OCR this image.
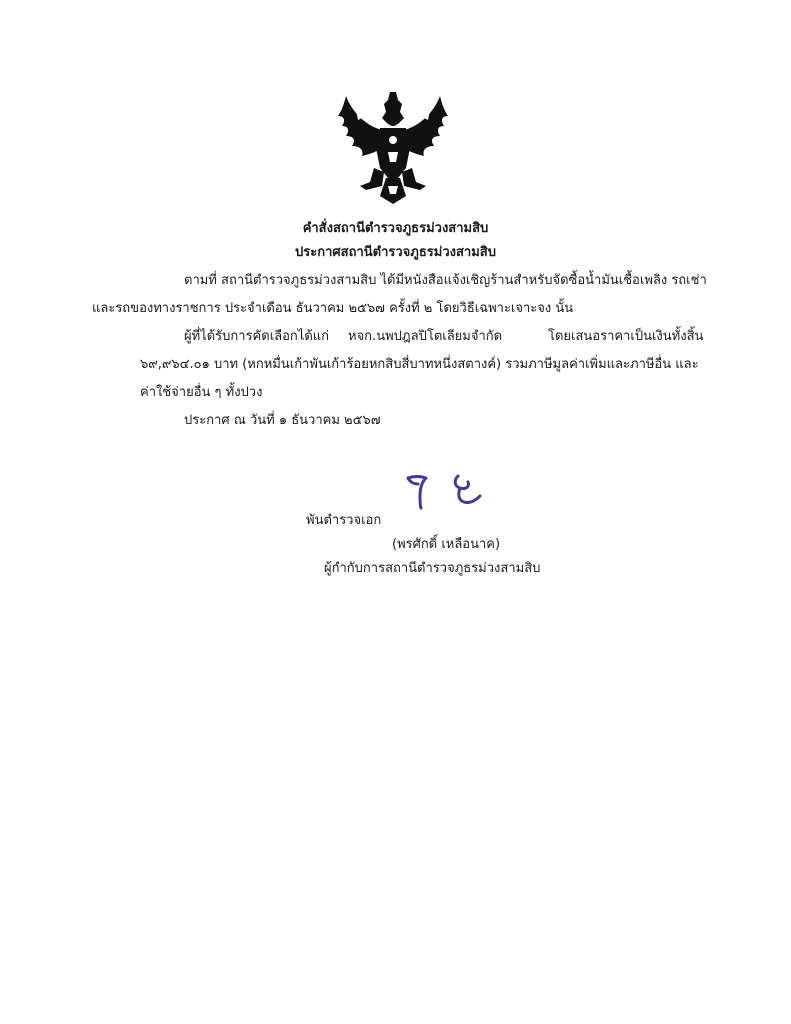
คำสั่งสถานีตำรวจภูธรม่วงสามสิบ
ประกาศสถานีตำรวจภูธรม่วงสามสิบ
ตามที่ สถานีตำรวจภูธรม่วงสามสิบ ได้มีหนังสือแจ้งเชิญร้านสำหรับจัดซื้อน้ำมันเชื้อเพลิง รถเช่า
และรถของทางราชการ ประจำเดือน ธันวาคม ๒๕๖๗ ครั้งที่ ๒ โดยวิธีเฉพาะเจาะจง นั้น
ผู้ที่ได้รับการคัดเลือกได้แก่ หจก.นพปฎลปิโตเลียมจำกัด	โดยเสนอราคาเป็นเงินทั้งสิ้น
๖๙,๙๖๔.๐๑ บาท (หกหมื่นเก้าพันเก้าร้อยหกสิบสี่บาทหนึ่งสตางค์) รวมภาษีมูลค่าเพิ่มและภาษีอื่น และ
ค่าใช้จ่ายอื่น ๆ ทั้งปวง
ประกาศ ณ วันที่ ๑ ธันวาคม ๒๕๖๗
พันตำรวจเอก
(พรศักดิ์ เหลือนาค)
ผู้กำกับการสถานีตำรวจภูธรม่วงสามสิบ
